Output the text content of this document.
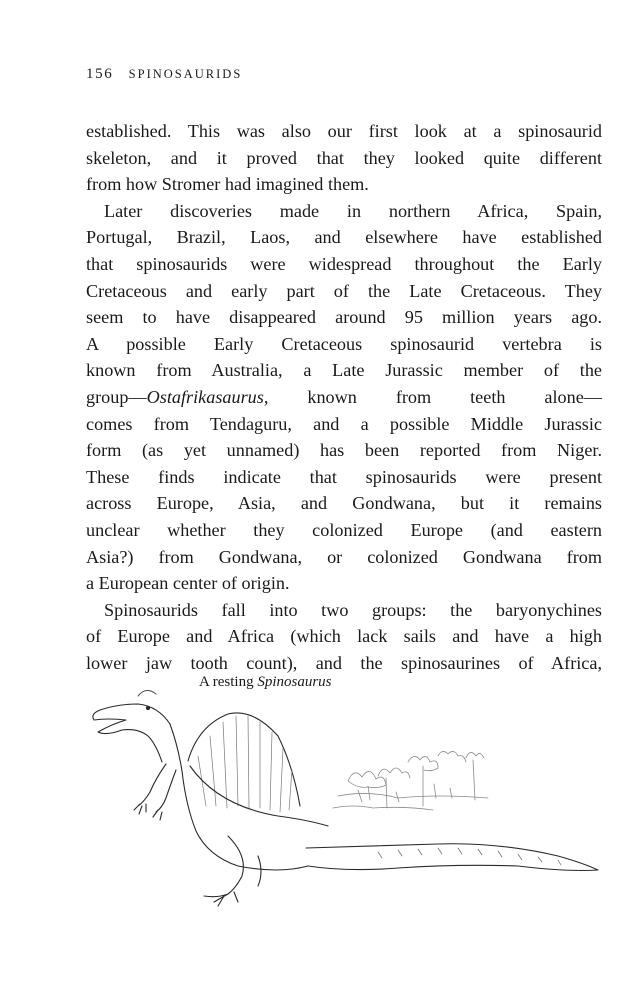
156 SPINOSAURIDS

established. This was also our first look at a spinosaurid

skeleton, and it proved that they looked quite different

from how Stromer had imagined them.

Later discoveries made in northern Africa, Spain,

Portugal, Brazil, Laos, and elsewhere have established

that spinosaurids were widespread throughout the Early

Cretaceous and early part of the Late Cretaceous. They

seem to have disappeared around 95 million years ago.

A possible Early Cretaceous spinosaurid vertebra is

known from Australia, a Late Jurassic member of the

group—Ostafrikasaurus, known from teeth alone—

comes from Tendaguru, and a possible Middle Jurassic

form (as yet unnamed) has been reported from Niger.

These finds indicate that spinosaurids were present

across Europe, Asia, and Gondwana, but it remains

unclear whether they colonized Europe (and eastern

Asia?) from Gondwana, or colonized Gondwana from

a European center of origin.

Spinosaurids fall into two groups: the baryonychines

of Europe and Africa (which lack sails and have a high

lower jaw tooth count), and the spinosaurines of Africa,

A resting Spinosaurus
